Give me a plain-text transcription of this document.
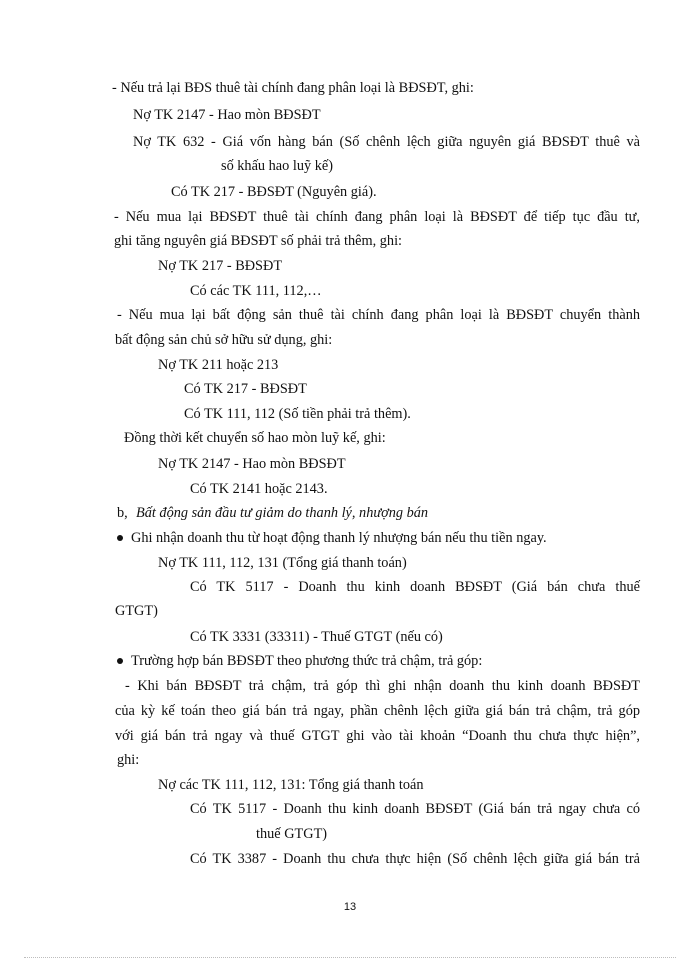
- Nếu trả lại BĐS thuê tài chính đang phân loại là BĐSĐT, ghi:
Nợ TK 2147 - Hao mòn BĐSĐT
Nợ TK 632 - Giá vốn hàng bán (Số chênh lệch giữa nguyên giá BĐSĐT thuê và
số khấu hao luỹ kế)
Có TK 217 - BĐSĐT (Nguyên giá).
- Nếu mua lại BĐSĐT thuê tài chính đang phân loại là BĐSĐT để tiếp tục đầu tư,
ghi tăng nguyên giá BĐSĐT số phải trả thêm, ghi:
Nợ TK 217 - BĐSĐT
Có các TK 111, 112,…
- Nếu mua lại bất động sản thuê tài chính đang phân loại là BĐSĐT chuyển thành
bất động sản chủ sở hữu sử dụng, ghi:
Nợ TK 211 hoặc 213
Có TK 217 - BĐSĐT
Có TK 111, 112 (Số tiền phải trả thêm).
Đồng thời kết chuyển số hao mòn luỹ kế, ghi:
Nợ TK 2147 - Hao mòn BĐSĐT
Có TK 2141 hoặc 2143.
b, Bất động sản đầu tư giảm do thanh lý, nhượng bán
Ghi nhận doanh thu từ hoạt động thanh lý nhượng bán nếu thu tiền ngay.
Nợ TK 111, 112, 131 (Tổng giá thanh toán)
Có TK 5117 - Doanh thu kinh doanh BĐSĐT (Giá bán chưa thuế
GTGT)
Có TK 3331 (33311) - Thuế GTGT (nếu có)
Trường hợp bán BĐSĐT theo phương thức trả chậm, trả góp:
- Khi bán BĐSĐT trả chậm, trả góp thì ghi nhận doanh thu kinh doanh BĐSĐT
của kỳ kế toán theo giá bán trả ngay, phần chênh lệch giữa giá bán trả chậm, trả góp
với giá bán trả ngay và thuế GTGT ghi vào tài khoản “Doanh thu chưa thực hiện”,
ghi:
Nợ các TK 111, 112, 131: Tổng giá thanh toán
Có TK 5117 - Doanh thu kinh doanh BĐSĐT (Giá bán trả ngay chưa có
thuế GTGT)
Có TK 3387 - Doanh thu chưa thực hiện (Số chênh lệch giữa giá bán trả
13
